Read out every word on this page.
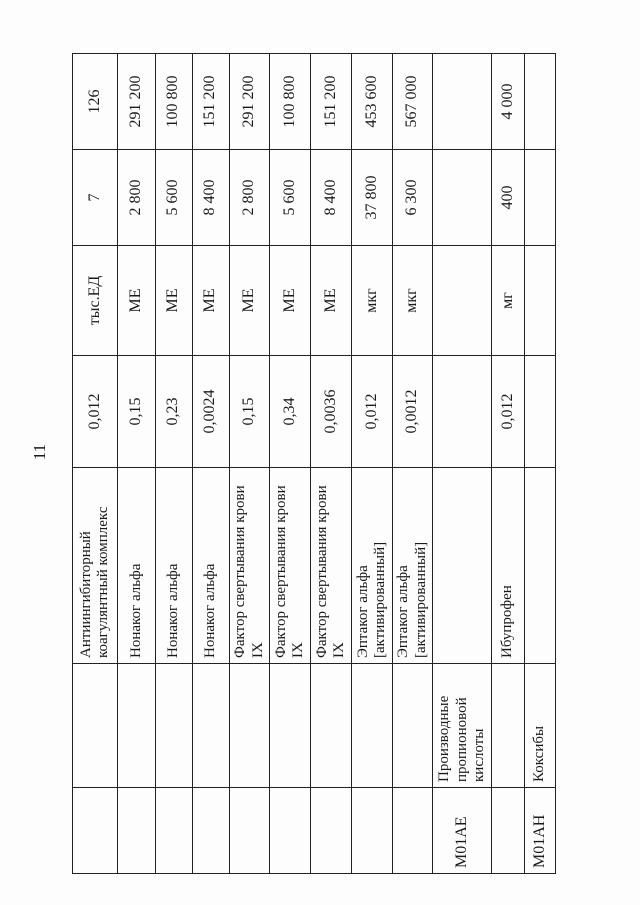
11
		Антиингибиторный коагулянтный комплекс	0,012	тыс.ЕД	7	126
		Нонаког альфа	0,15	МЕ	2 800	291 200
		Нонаког альфа	0,23	МЕ	5 600	100 800
		Нонаког альфа	0,0024	МЕ	8 400	151 200
		Фактор свертывания крови IX	0,15	МЕ	2 800	291 200
		Фактор свертывания крови IX	0,34	МЕ	5 600	100 800
		Фактор свертывания крови IX	0,0036	МЕ	8 400	151 200
		Эптаког альфа [активированный]	0,012	мкг	37 800	453 600
		Эптаког альфа [активированный]	0,0012	мкг	6 300	567 000
M01AE	Производные пропионовой кислоты					
		Ибупрофен	0,012	мг	400	4 000
M01AH	Коксибы					
